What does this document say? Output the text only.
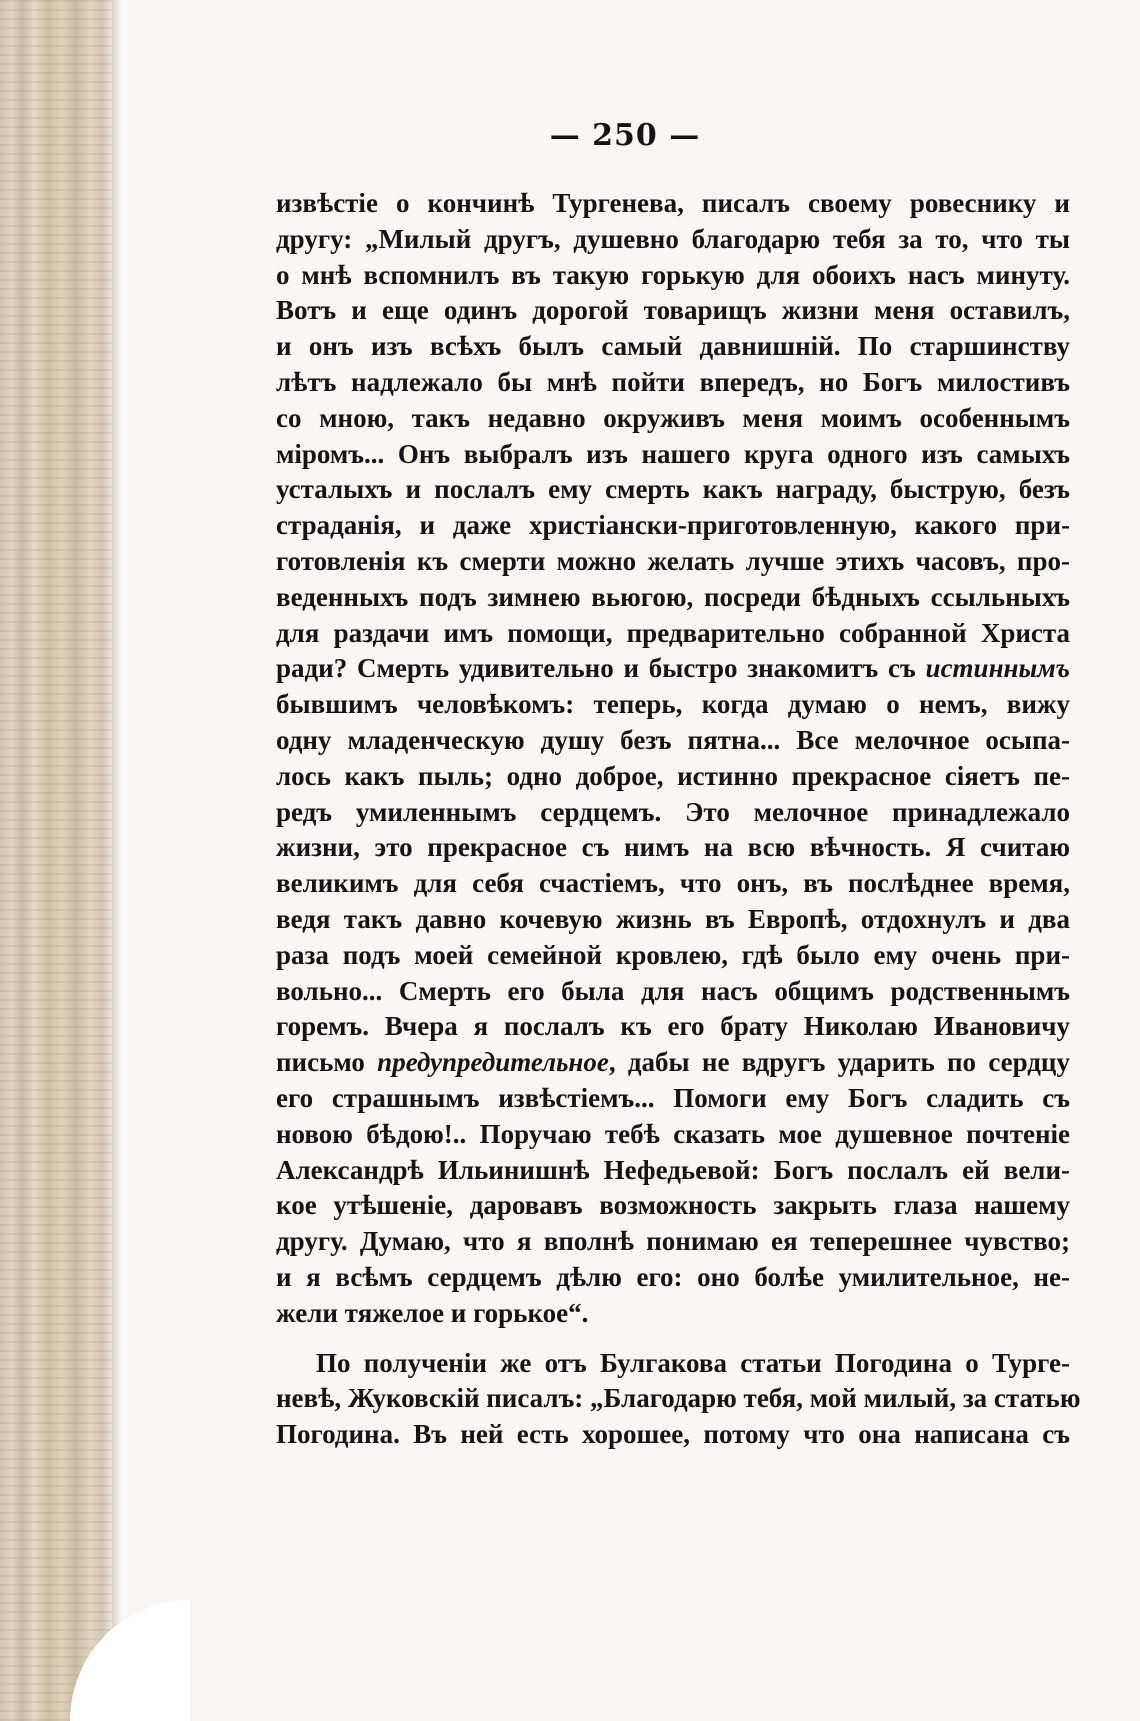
— 250 —
извѣстіе о кончинѣ Тургенева, писалъ своему ровеснику и
другу: „Милый другъ, душевно благодарю тебя за то, что ты
о мнѣ вспомнилъ въ такую горькую для обоихъ насъ минуту.
Вотъ и еще одинъ дорогой товарищъ жизни меня оставилъ,
и онъ изъ всѣхъ былъ самый давнишній. По старшинству
лѣтъ надлежало бы мнѣ пойти впередъ, но Богъ милостивъ
со мною, такъ недавно окруживъ меня моимъ особеннымъ
міромъ... Онъ выбралъ изъ нашего круга одного изъ самыхъ
усталыхъ и послалъ ему смерть какъ награду, быструю, безъ
страданія, и даже христіански-приготовленную, какого при-
готовленія къ смерти можно желать лучше этихъ часовъ, про-
веденныхъ подъ зимнею вьюгою, посреди бѣдныхъ ссыльныхъ
для раздачи имъ помощи, предварительно собранной Христа
ради? Смерть удивительно и быстро знакомитъ съ истиннымъ
бывшимъ человѣкомъ: теперь, когда думаю о немъ, вижу
одну младенческую душу безъ пятна... Все мелочное осыпа-
лось какъ пыль; одно доброе, истинно прекрасное сіяетъ пе-
редъ умиленнымъ сердцемъ. Это мелочное принадлежало
жизни, это прекрасное съ нимъ на всю вѣчность. Я считаю
великимъ для себя счастіемъ, что онъ, въ послѣднее время,
ведя такъ давно кочевую жизнь въ Европѣ, отдохнулъ и два
раза подъ моей семейной кровлею, гдѣ было ему очень при-
вольно... Смерть его была для насъ общимъ родственнымъ
горемъ. Вчера я послалъ къ его брату Николаю Ивановичу
письмо предупредительное, дабы не вдругъ ударить по сердцу
его страшнымъ извѣстіемъ... Помоги ему Богъ сладить съ
новою бѣдою!.. Поручаю тебѣ сказать мое душевное почтеніе
Александрѣ Ильинишнѣ Нефедьевой: Богъ послалъ ей вели-
кое утѣшеніе, даровавъ возможность закрыть глаза нашему
другу. Думаю, что я вполнѣ понимаю ея теперешнее чувство;
и я всѣмъ сердцемъ дѣлю его: оно болѣе умилительное, не-
жели тяжелое и горькое“.
По полученіи же отъ Булгакова статьи Погодина о Турге-
невѣ, Жуковскій писалъ: „Благодарю тебя, мой милый, за статью
Погодина. Въ ней есть хорошее, потому что она написана съ
